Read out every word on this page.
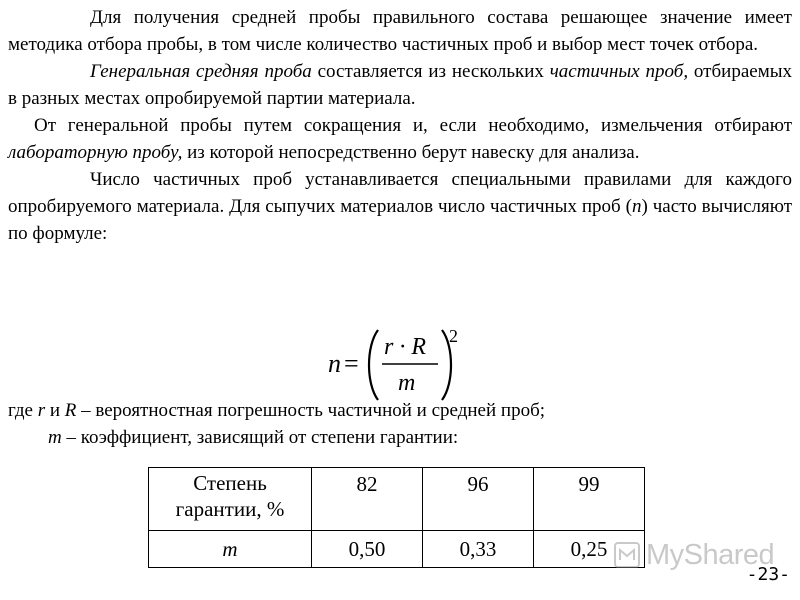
Для получения средней пробы правильного состава решающее значение имеет методика отбора пробы, в том числе количество частичных проб и выбор мест точек отбора.

Генеральная средняя проба составляется из нескольких частичных проб, отбираемых в разных местах опробируемой партии материала.

От генеральной пробы путем сокращения и, если необходимо, измельчения отбирают лабораторную пробу, из которой непосредственно берут навеску для анализа.

Число частичных проб устанавливается специальными правилами для каждого опробируемого материала. Для сыпучих материалов число частичных проб (n) часто вычисляют по формуле:

n =
r · R
m
2

где r и R – вероятностная погрешность частичной и средней проб;

m – коэффициент, зависящий от степени гарантии:

Степень гарантии, %	82	96	99
m	0,50	0,33	0,25 MyShared
-23-
